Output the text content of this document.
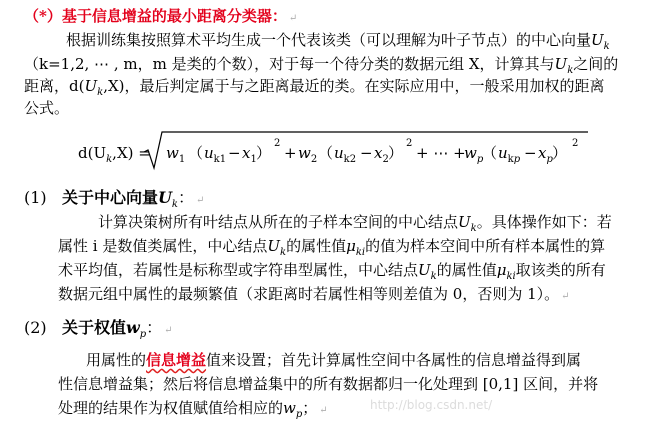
（*）基于信息增益的最小距离分类器： ↵
根据训练集按照算术平均生成一个代表该类（可以理解为叶子节点）的中心向量$U_k$
（k=1,2, ⋯ , m，m 是类的个数），对于每一个待分类的数据元组 X，计算其与$U_k$之间的
距离，$d(U_k,X)$，最后判定属于与之距离最近的类。在实际应用中，一般采用加权的距离
公式。
$d(U_k,X) = w_1$ （ $u_{k1} - x_1$ ）
2
+ $w_2$ （ $u_{k2} - x_2$ ）
2
+ ⋯ +
$w_p$
（ $u_kp - x_p$ ）
2
(1) 关于中心向量$U_k$： ↵
计算决策树所有叶结点从所在的子样本空间的中心结点$U_k$。具体操作如下：若
属性 i 是数值类属性，中心结点$U_k$的属性值$\mu_{ki}$的值为样本空间中所有样本属性的算
术平均值，若属性是标称型或字符串型属性，中心结点$U_k$的属性值$\mu_{ki}$取该类的所有
数据元组中属性的最频繁值（求距离时若属性相等则差值为 0，否则为 1）。 ↵
(2) 关于权值$w_p$： ↵
用属性的信息增益值来设置；首先计算属性空间中各属性的信息增益得到属
性信息增益集；然后将信息增益集中的所有数据都归一化处理到 [0,1] 区间，并将
处理的结果作为权值赋值给相应的$w_p$； ↵	http://blog.csdn.net/
